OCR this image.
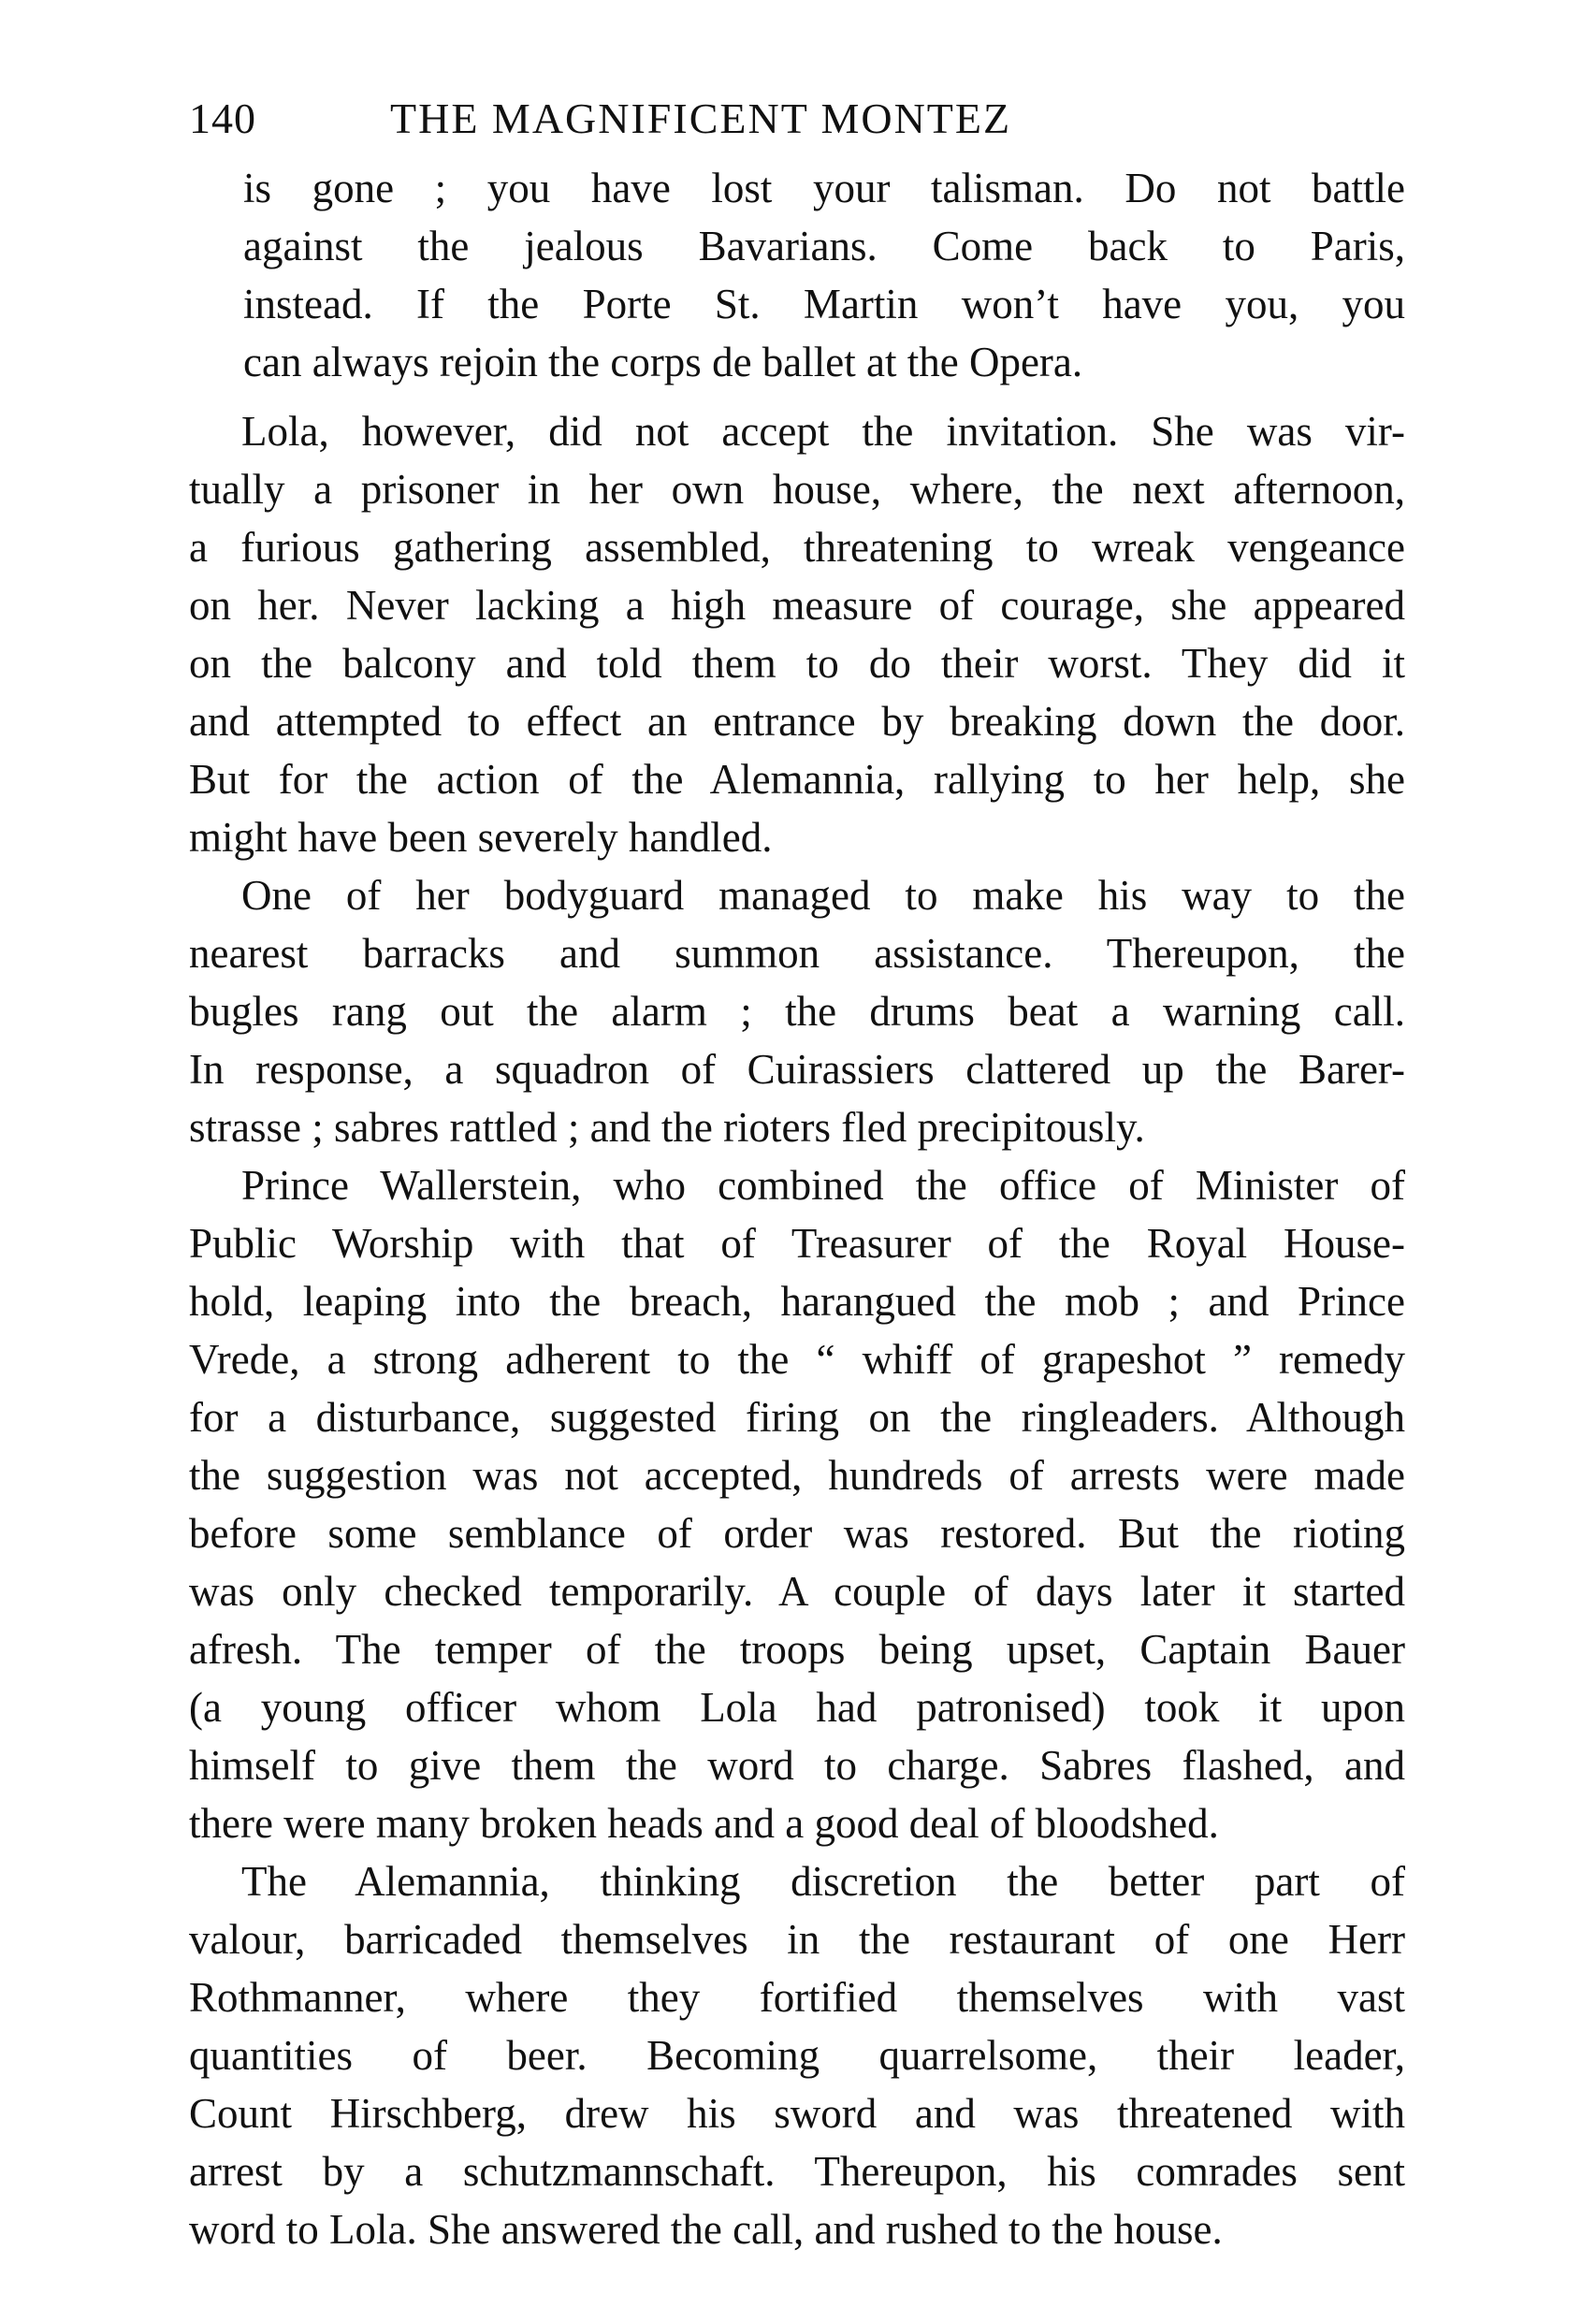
140	THE MAGNIFICENT MONTEZ
is gone ; you have lost your talisman. Do not battle
against the jealous Bavarians. Come back to Paris,
instead. If the Porte St. Martin won’t have you, you
can always rejoin the corps de ballet at the Opera.
Lola, however, did not accept the invitation. She was vir-
tually a prisoner in her own house, where, the next afternoon,
a furious gathering assembled, threatening to wreak vengeance
on her. Never lacking a high measure of courage, she appeared
on the balcony and told them to do their worst. They did it
and attempted to effect an entrance by breaking down the door.
But for the action of the Alemannia, rallying to her help, she
might have been severely handled.
One of her bodyguard managed to make his way to the
nearest barracks and summon assistance. Thereupon, the
bugles rang out the alarm ; the drums beat a warning call.
In response, a squadron of Cuirassiers clattered up the Barer-
strasse ; sabres rattled ; and the rioters fled precipitously.
Prince Wallerstein, who combined the office of Minister of
Public Worship with that of Treasurer of the Royal House-
hold, leaping into the breach, harangued the mob ; and Prince
Vrede, a strong adherent to the “ whiff of grapeshot ” remedy
for a disturbance, suggested firing on the ringleaders. Although
the suggestion was not accepted, hundreds of arrests were made
before some semblance of order was restored. But the rioting
was only checked temporarily. A couple of days later it started
afresh. The temper of the troops being upset, Captain Bauer
(a young officer whom Lola had patronised) took it upon
himself to give them the word to charge. Sabres flashed, and
there were many broken heads and a good deal of bloodshed.
The Alemannia, thinking discretion the better part of
valour, barricaded themselves in the restaurant of one Herr
Rothmanner, where they fortified themselves with vast
quantities of beer. Becoming quarrelsome, their leader,
Count Hirschberg, drew his sword and was threatened with
arrest by a schutzmannschaft. Thereupon, his comrades sent
word to Lola. She answered the call, and rushed to the house.
